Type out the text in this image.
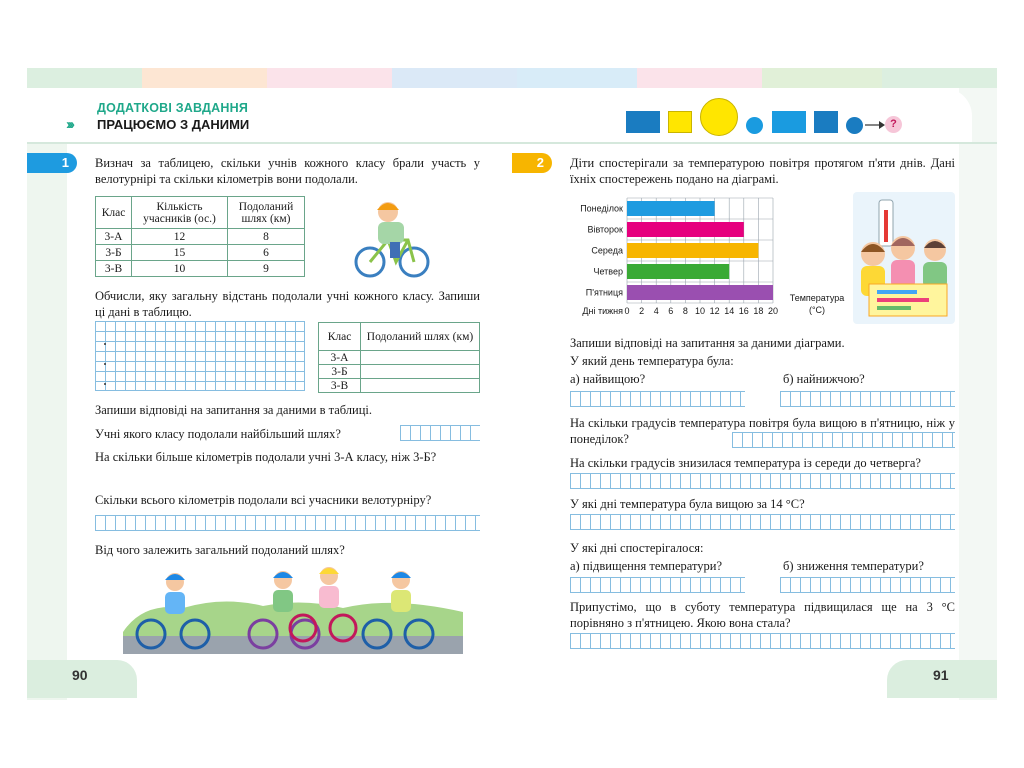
›››
ДОДАТКОВІ ЗАВДАННЯ
ПРАЦЮЄМО З ДАНИМИ	?
1	Визнач за таблицею, скільки учнів кожного класу брали участь у велотурнірі та скільки кілометрів вони подолали.
Клас	Кількість учасників (ос.)	Подоланий шлях (км)
3-А	12	8
3-Б	15	6
3-В	10	9
Обчисли, яку загальну відстань подолали учні кожного класу. Запиши ці дані в таблицю.
Клас	Подоланий шлях (км)
3-А	
3-Б	
3-В	
Запиши відповіді на запитання за даними в таблиці.
Учні якого класу подолали найбільший шлях?
На скільки більше кілометрів подолали учні 3-А класу, ніж 3-Б?
Скільки всього кілометрів подолали всі учасники велотурніру?
Від чого залежить загальний подоланий шлях?
90
2	Діти спостерігали за температурою повітря протягом п'яти днів. Дані їхніх спостережень подано на діаграмі.
Понеділок
Вівторок
Середа
Четвер
П'ятниця
0 2 4 6 8 10 12 14 16 18 20
Дні тижня
Температура
(°C)
Запиши відповіді на запитання за даними діаграми.
У який день температура була:
а) найвищою?	б) найнижчою?
На скільки градусів температура повітря була вищою в п'ятницю, ніж у понеділок?
На скільки градусів знизилася температура із середи до четверга?
У які дні температура була вищою за 14 °С?
У які дні спостерігалося:
а) підвищення температури?	б) зниження температури?
Припустімо, що в суботу температура підвищилася ще на 3 °С порівняно з п'ятницею. Якою вона стала?
91
